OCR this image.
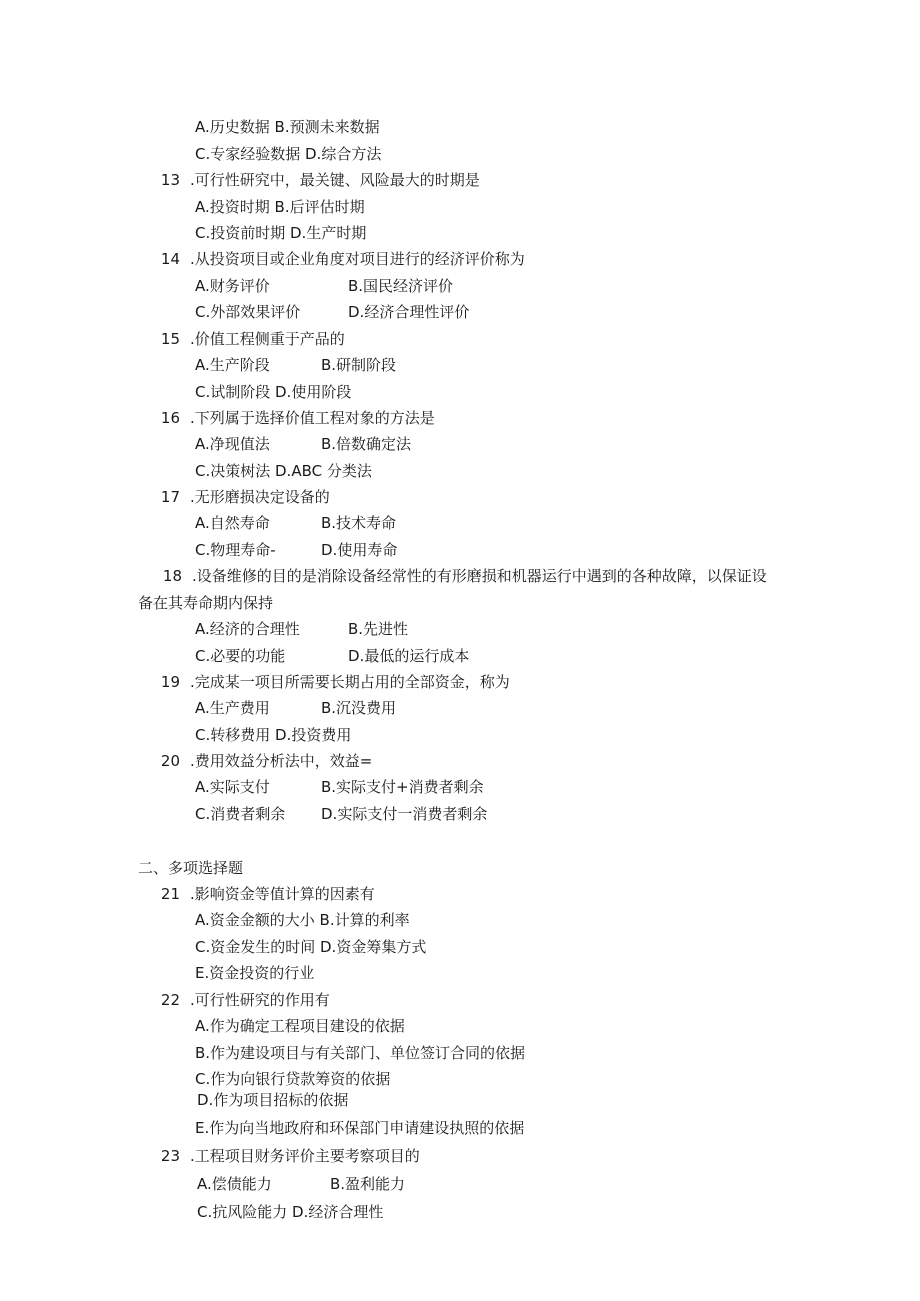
A.历史数据 B.预测未来数据
C.专家经验数据 D.综合方法
13 .可行性研究中，最关键、风险最大的时期是
A.投资时期 B.后评估时期
C.投资前时期 D.生产时期
14 .从投资项目或企业角度对项目进行的经济评价称为
A.财务评价	B.国民经济评价
C.外部效果评价	D.经济合理性评价
15 .价值工程侧重于产品的
A.生产阶段	B.研制阶段
C.试制阶段 D.使用阶段
16 .下列属于选择价值工程对象的方法是
A.净现值法	B.倍数确定法
C.决策树法 D.ABC 分类法
17 .无形磨损决定设备的
A.自然寿命	B.技术寿命
C.物理寿命-	D.使用寿命
18 .设备维修的目的是消除设备经常性的有形磨损和机器运行中遇到的各种故障，以保证设
备在其寿命期内保持
A.经济的合理性	B.先进性
C.必要的功能	D.最低的运行成本
19 .完成某一项目所需要长期占用的全部资金，称为
A.生产费用	B.沉没费用
C.转移费用 D.投资费用
20 .费用效益分析法中，效益=
A.实际支付	B.实际支付+消费者剩余
C.消费者剩余 D.实际支付一消费者剩余
二、多项选择题
21 .影响资金等值计算的因素有
A.资金金额的大小 B.计算的利率
C.资金发生的时间 D.资金筹集方式
E.资金投资的行业
22 .可行性研究的作用有
A.作为确定工程项目建设的依据
B.作为建设项目与有关部门、单位签订合同的依据
C.作为向银行贷款筹资的依据
D.作为项目招标的依据
E.作为向当地政府和环保部门申请建设执照的依据
23 .工程项目财务评价主要考察项目的
A.偿债能力	B.盈利能力
C.抗风险能力 D.经济合理性
